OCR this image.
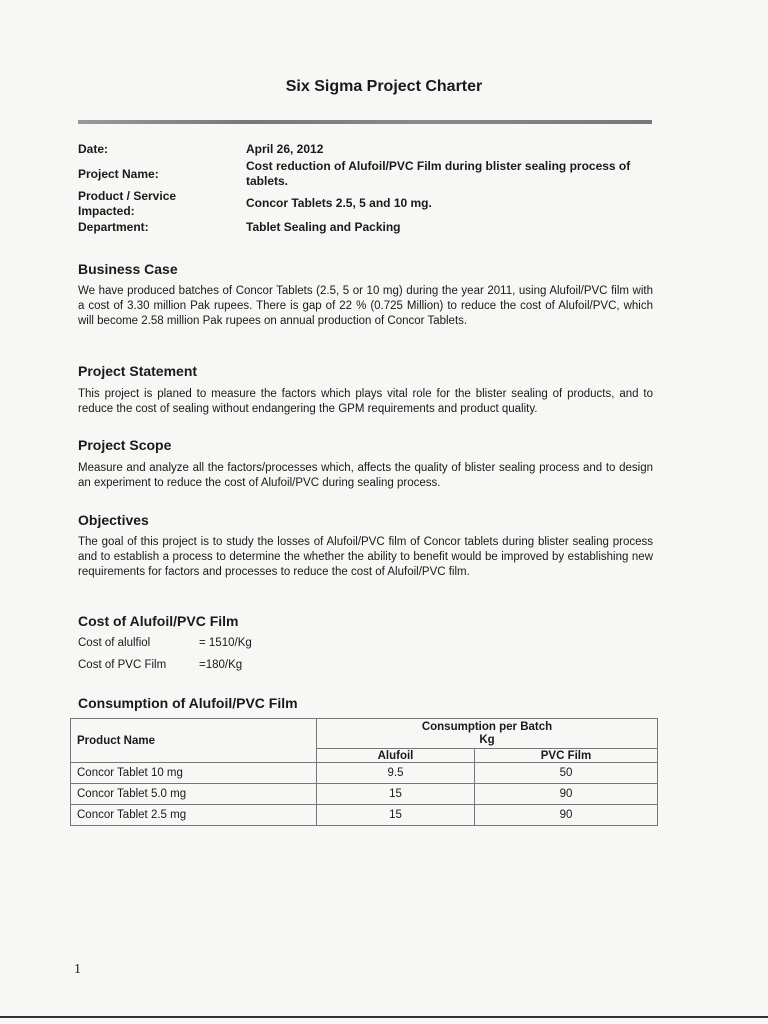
Six Sigma Project Charter
Date:	April 26, 2012
Project Name:
Cost reduction of Alufoil/PVC Film during blister sealing process of tablets.
Product / Service Impacted:
Concor Tablets 2.5, 5 and 10 mg.
Department:	Tablet Sealing and Packing
Business Case
We have produced batches of Concor Tablets (2.5, 5 or 10 mg) during the year 2011, using Alufoil/PVC film with a cost of 3.30 million Pak rupees. There is gap of 22 % (0.725 Million) to reduce the cost of Alufoil/PVC, which will become 2.58 million Pak rupees on annual production of Concor Tablets.
Project Statement
This project is planed to measure the factors which plays vital role for the blister sealing of products, and to reduce the cost of sealing without endangering the GPM requirements and product quality.
Project Scope
Measure and analyze all the factors/processes which, affects the quality of blister sealing process and to design an experiment to reduce the cost of Alufoil/PVC during sealing process.
Objectives
The goal of this project is to study the losses of Alufoil/PVC film of Concor tablets during blister sealing process and to establish a process to determine the whether the ability to benefit would be improved by establishing new requirements for factors and processes to reduce the cost of Alufoil/PVC film.
Cost of Alufoil/PVC Film
Cost of alulfiol	= 1510/Kg
Cost of PVC Film	=180/Kg
Consumption of Alufoil/PVC Film
Product Name	Consumption per Batch Kg	
	Alufoil	PVC Film
Concor Tablet 10 mg	9.5	50
Concor Tablet 5.0 mg	15	90
Concor Tablet 2.5 mg	15	90
1
